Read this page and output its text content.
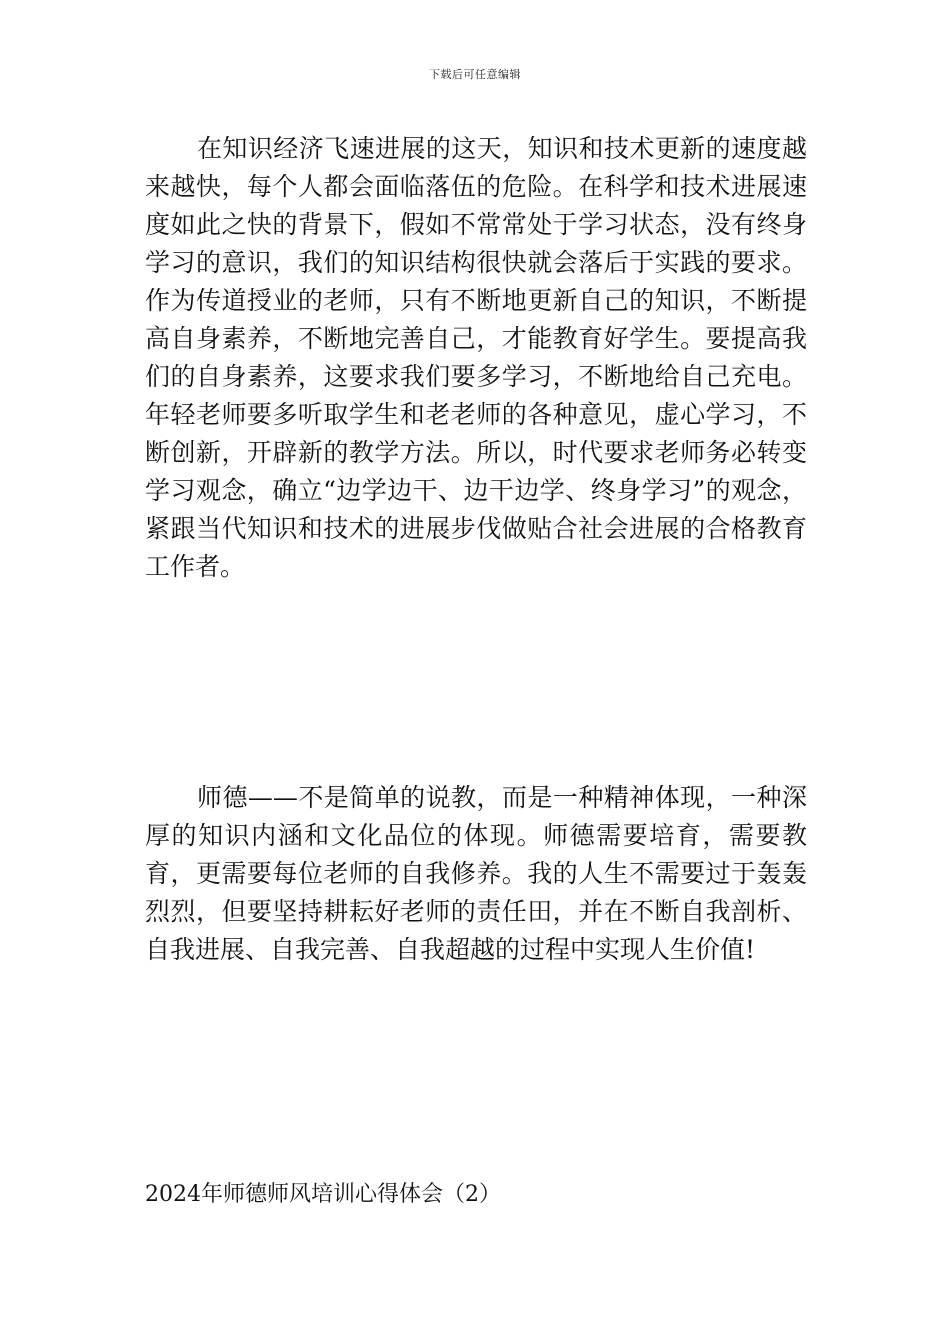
下载后可任意编辑

在知识经济飞速进展的这天，知识和技术更新的速度越来越快，每个人都会面临落伍的危险。在科学和技术进展速度如此之快的背景下，假如不常常处于学习状态，没有终身学习的意识，我们的知识结构很快就会落后于实践的要求。作为传道授业的老师，只有不断地更新自己的知识，不断提高自身素养，不断地完善自己，才能教育好学生。要提高我们的自身素养，这要求我们要多学习，不断地给自己充电。年轻老师要多听取学生和老老师的各种意见，虚心学习，不断创新，开辟新的教学方法。所以，时代要求老师务必转变学习观念，确立“边学边干、边干边学、终身学习”的观念，紧跟当代知识和技术的进展步伐做贴合社会进展的合格教育工作者。

师德——不是简单的说教，而是一种精神体现，一种深厚的知识内涵和文化品位的体现。师德需要培育，需要教育，更需要每位老师的自我修养。我的人生不需要过于轰轰烈烈，但要坚持耕耘好老师的责任田，并在不断自我剖析、自我进展、自我完善、自我超越的过程中实现人生价值!

2024年师德师风培训心得体会（2）
